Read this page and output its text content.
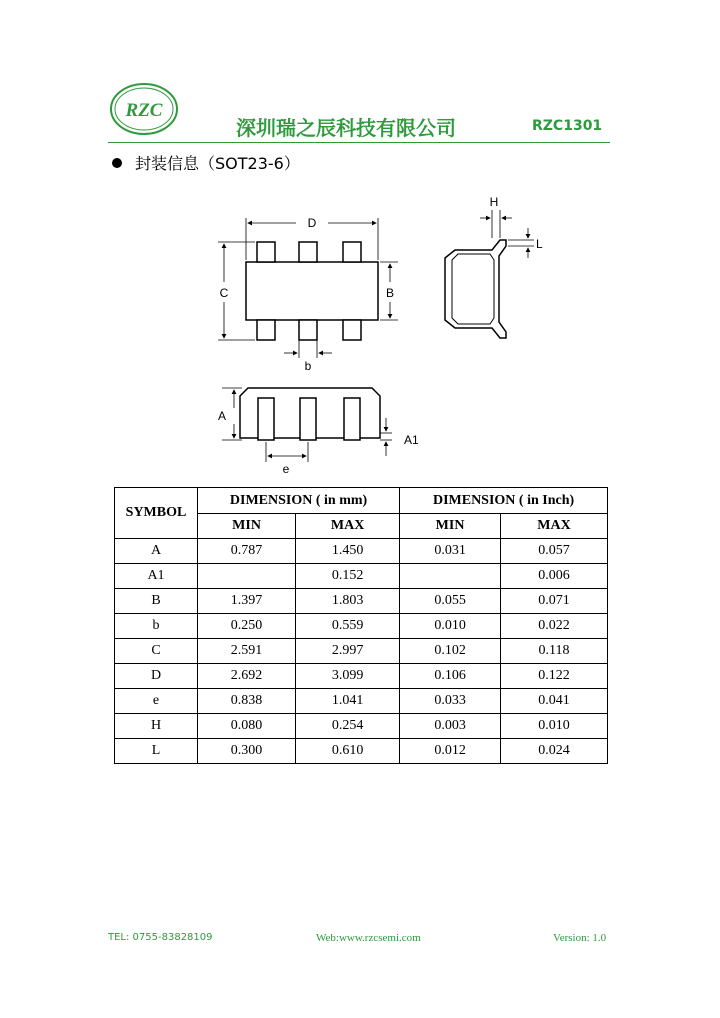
RZC
深圳瑞之辰科技有限公司	RZC1301
封装信息（SOT23-6）
D
C	B
b
H
L
A
A1
e
SYMBOL	DIMENSION ( in mm)		DIMENSION ( in Inch)	
	MIN	MAX	MIN	MAX
A	0.787	1.450	0.031	0.057
A1		0.152		0.006
B	1.397	1.803	0.055	0.071
b	0.250	0.559	0.010	0.022
C	2.591	2.997	0.102	0.118
D	2.692	3.099	0.106	0.122
e	0.838	1.041	0.033	0.041
H	0.080	0.254	0.003	0.010
L	0.300	0.610	0.012	0.024
TEL: 0755-83828109	Web:www.rzcsemi.com	Version: 1.0
